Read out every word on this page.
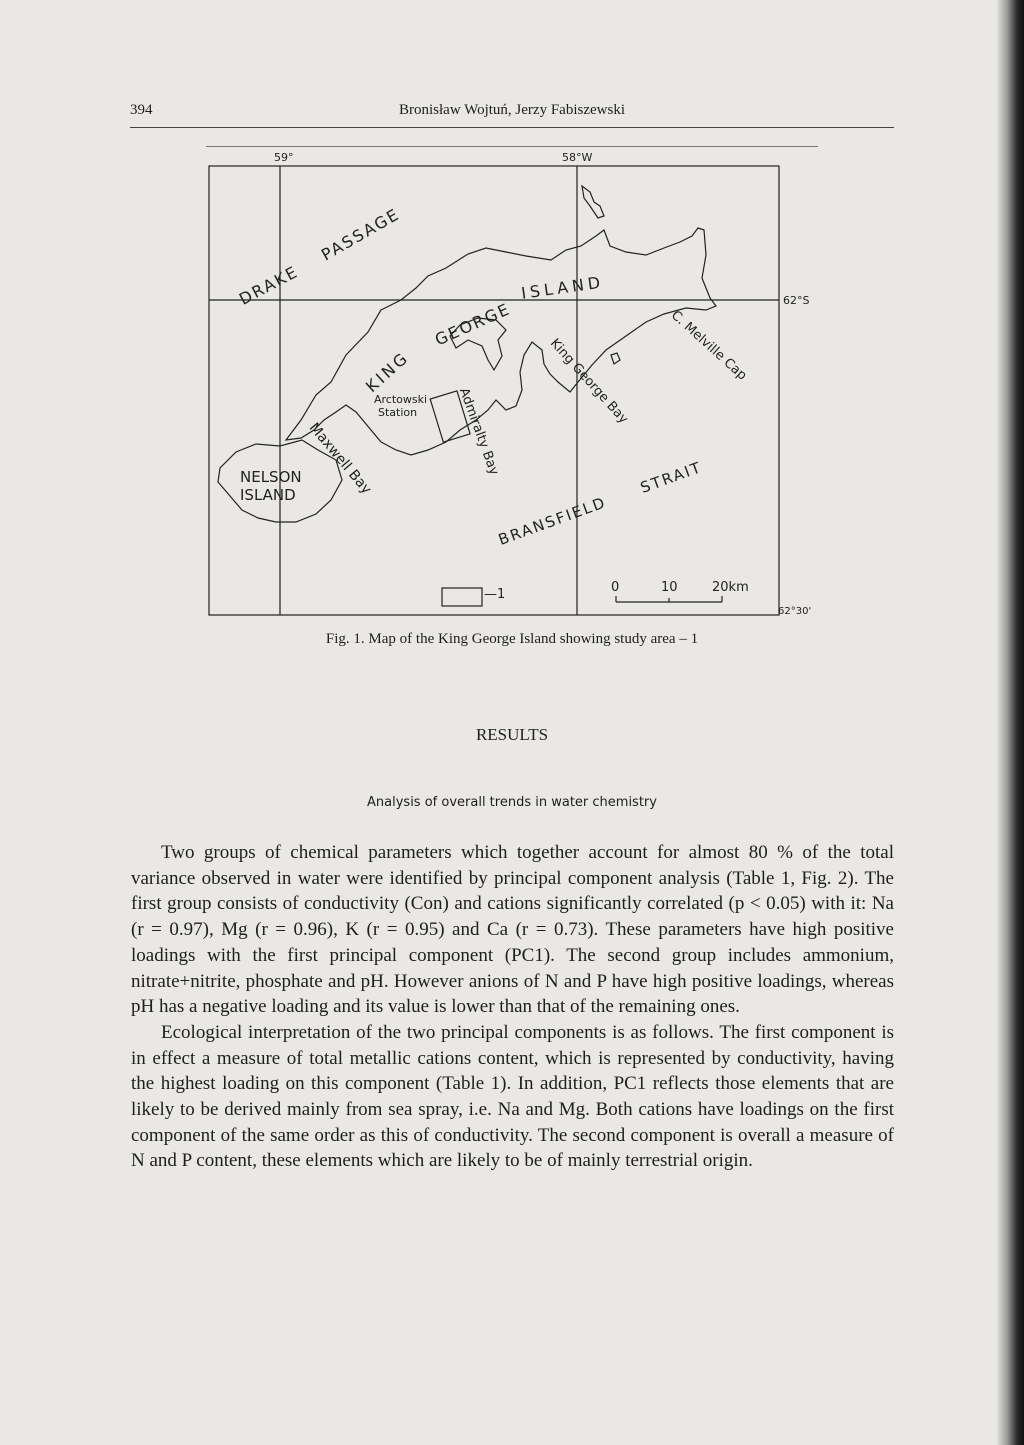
394	Bronisław Wojtuń, Jerzy Fabiszewski
59°	58°W
62°S
62°30'
DRAKE
PASSAGE
KING
GEORGE
ISLAND
NELSON
ISLAND
Arctowski
Station	Admiralty Bay
Maxwell Bay
King George Bay	C. Melville Cap
BRANSFIELD
STRAIT
—1	0	10	20km
Fig. 1. Map of the King George Island showing study area – 1
RESULTS
Analysis of overall trends in water chemistry

Two groups of chemical parameters which together account for almost 80 % of the total variance observed in water were identified by principal component analysis (Table 1, Fig. 2). The first group consists of conductivity (Con) and cations significantly correlated (p < 0.05) with it: Na (r = 0.97), Mg (r = 0.96), K (r = 0.95) and Ca (r = 0.73). These parameters have high positive loadings with the first principal component (PC1). The second group includes ammonium, nitrate+nitrite, phosphate and pH. However anions of N and P have high positive loadings, whereas pH has a negative loading and its value is lower than that of the remaining ones.

Ecological interpretation of the two principal components is as follows. The first component is in effect a measure of total metallic cations content, which is represented by conductivity, having the highest loading on this component (Table 1). In addition, PC1 reflects those elements that are likely to be derived mainly from sea spray, i.e. Na and Mg. Both cations have loadings on the first component of the same order as this of conductivity. The second component is overall a measure of N and P content, these elements which are likely to be of mainly terrestrial origin.
